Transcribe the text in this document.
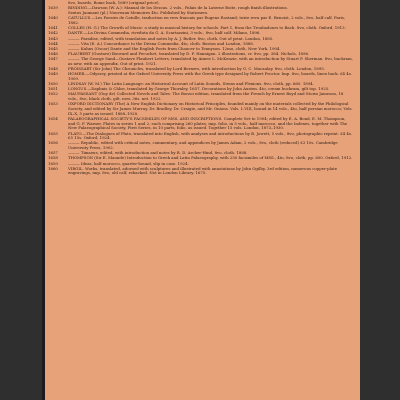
8vo, boards, Rome back, 1689 (original price).
1639	BINDING.—Dawson (W. A.): Manual de los Dezcas. 2 vols., Palais de la Laterne Boite, rough finish illustrations.
Sextus Jaumant (pl.) Nouveaux Memoires 4to. Published by Stationers.
1640	CATULLUS.—Les Poesies de Catulle, traduction en vers francais par Eugene Rostand; texte revu par E. Benoist, 2 vols., 8vo, half calf. Paris, 1882.
1641	COLLES (H. G.) The Growth of Music: a study in musical history for schools. Part 1, from the Troubadours to Bach. 8vo, cloth. Oxford, 1913.
1642	DANTE.—La Divina Commedia, riveduta da G. A. Scartazzini, 3 vols., 8vo, half calf. Milano, 1896.
1643	——— Paradise, edited, with translation and notes by A. J. Butler. 8vo, cloth. Out of print. London, 1885.
1644	——— Vita (E. A.) Concordance to the Divina Commedia. 4to, cloth. Boston and London, 1888.
1645	——— Kuhns (Oscar) Dante and the English Poets from Chaucer to Tennyson. 12mo, cloth. New York, 1904.
1646	FLAUBERT (Gustave) Bouvard and Pecuchet, translated by D. F. Hannigan. 2 illustrations, cr. 8vo, pp. 384. Nichols, 1896.
1647	——— The George Sand—Gustave Flaubert Letters, translated by Aimee L. McKenzie, with an introduction by Stuart P. Sherman. 8vo, buckram, as new, with an appendix. Out of print. 1921.
1648	FROISSART (Sir John) The Chronicles, translated by Lord Berners, with introduction by G. C. Macaulay. 8vo, cloth. London, 1895.
1649	HOMER.—Odyssey, printed at the Oxford University Press with the Greek type designed by Robert Proctor. Imp. 8vo, boards, linen back. £4 4s. 1909.
1650	LINDSAY (W. M.) The Latin Language: an Historical Account of Latin Sounds, Stems and Flexions. 8vo, cloth, pp. 660. 1894.
1651	LONGUS.—Daphnis & Chloe, translated by George Thornley, 1657. Decorations by John Austen. 4to, cream buckram, gilt top. 1925.
1652	MAUPASSANT (Guy de) Collected Novels and Tales. The Borzoi edition, translated from the French by Ernest Boyd and Storm Jameson, 18 vols., 8vo, black cloth, gilt, new, 36s. net. 1922.
1653	OXFORD DICTIONARY (The) A New English Dictionary on Historical Principles, founded mainly on the materials collected by the Philological Society, and edited by Sir James Murray, Dr. Bradley, Dr. Craigie, and Mr. Onions. Vols. I–VIII, bound in 14 vols., 4to, half persian morocco; Vols. IX–X, 5 parts as issued. 1888–1928.
1654	PALAEOGRAPHICAL SOCIETY'S FACSIMILES OF MSS. AND INSCRIPTIONS. Complete Set to 1904; edited by E. A. Bond, E. M. Thompson, and G. F. Warner. Plates in series 1 and 2, each comprising 260 plates, imp. folio, in 5 vols., half morocco, and the Indexes, together with The New Palaeographical Society, First Series, in 10 parts, folio, as issued. Together 15 vols. London, 1873–1930.
1655	PLATO.—The Dialogues of Plato, translated into English, with analyses and introductions by B. Jowett, 5 vols., 8vo, photographic reprint. £4 4s. £5 15s. Oxford, 1924.
1656	——— Republic, edited with critical notes, commentary, and appendices by James Adam, 2 vols., 8vo, cloth (reduced) £3 10s. Cambridge University Press, 1902.
1657	——— Timaeus, edited, with introduction and notes by R. D. Archer-Hind, 8vo, cloth. 1888.
1658	THOMPSON (Sir E. Maunde) Introduction to Greek and Latin Palaeography, with 250 facsimiles of MSS., 4to, 8vo, cloth, pp. 600. Oxford, 1912.
1659	——— Ideas, half morocco, quarter-bound, slip in case. 1924.
1660	VIRGIL. Works, translated, adorned with sculptures and illustrated with annotations by John Ogilby, 3rd edition, numerous copper-plate engravings, imp. 8vo, old calf, rebacked. Not in London Library. 1675.
